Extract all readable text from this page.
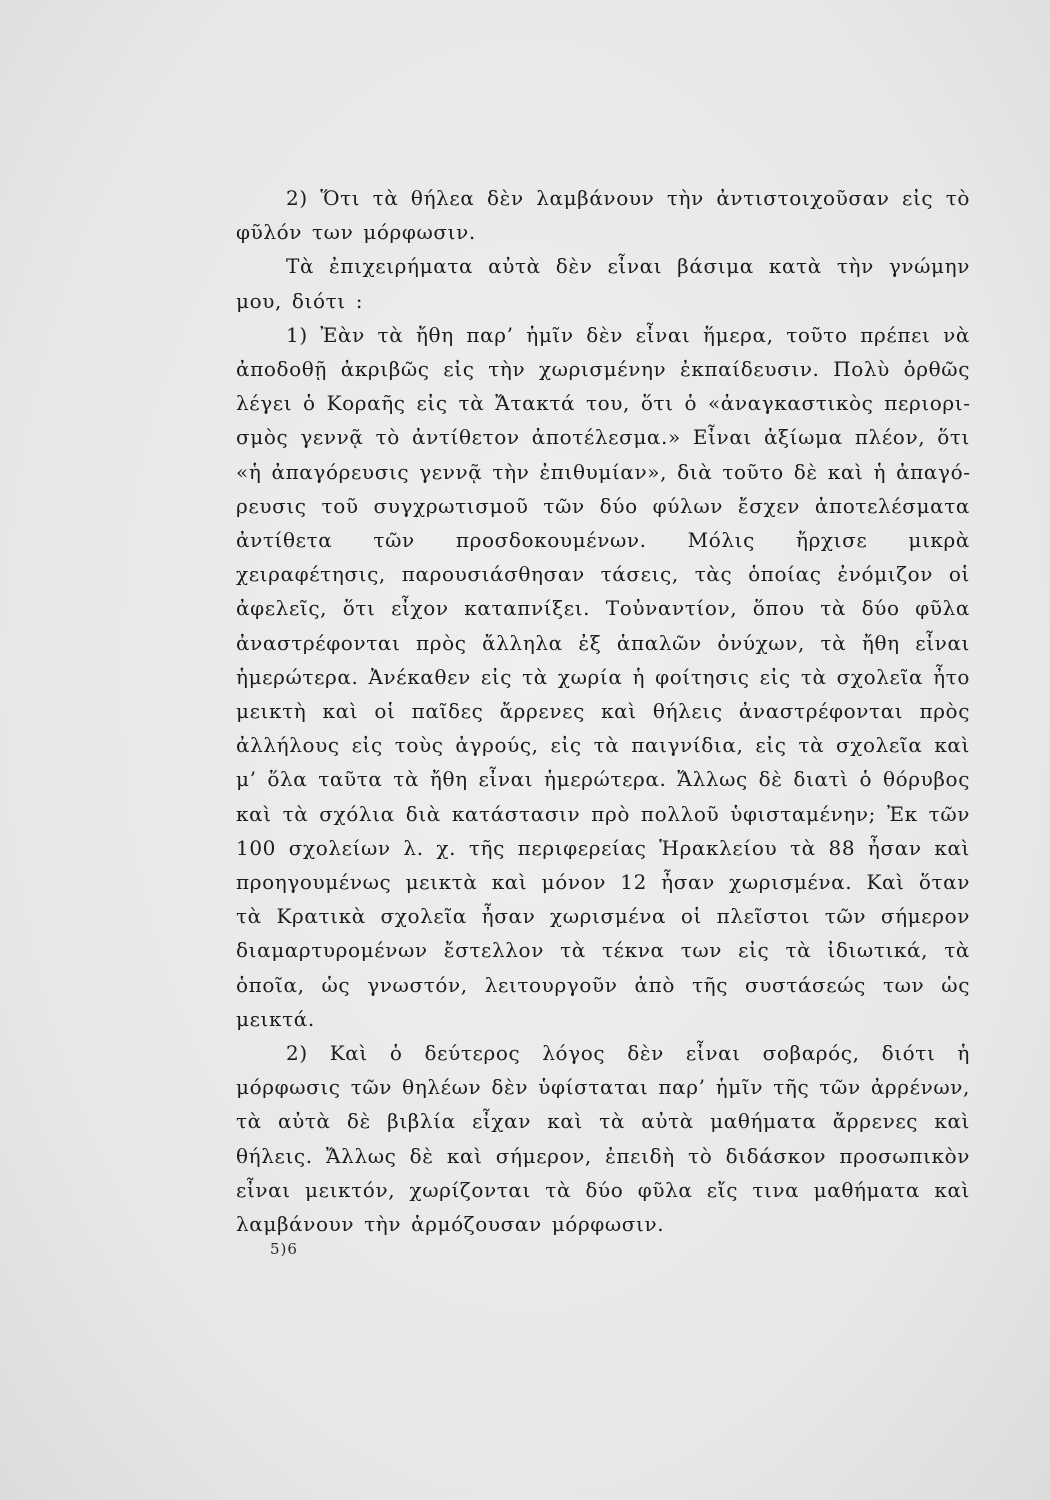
2) Ὅτι τὰ θήλεα δὲν λαμβάνουν τὴν ἀντιστοιχοῦσαν εἰς τὸ φῦλόν των μόρφωσιν.

Τὰ ἐπιχειρήματα αὐτὰ δὲν εἶναι βάσιμα κατὰ τὴν γνώμην μου, διότι :

1) Ἐὰν τὰ ἤθη παρ’ ἡμῖν δὲν εἶναι ἥμερα, τοῦτο πρέπει νὰ ἀποδοθῇ ἀκριβῶς εἰς τὴν χωρισμένην ἐκπαίδευσιν. Πολὺ ὀρθῶς λέγει ὁ Κοραῆς εἰς τὰ Ἄτακτά του, ὅτι ὁ «ἀναγκαστικὸς περιορισμὸς γεννᾷ τὸ ἀντίθετον ἀποτέλεσμα.» Εἶναι ἀξίωμα πλέον, ὅτι «ἡ ἀπαγόρευσις γεννᾷ τὴν ἐπιθυμίαν», διὰ τοῦτο δὲ καὶ ἡ ἀπαγόρευσις τοῦ συγχρωτισμοῦ τῶν δύο φύλων ἔσχεν ἀποτελέσματα ἀντίθετα τῶν προσδοκουμένων. Μόλις ἤρχισε μικρὰ χειραφέτησις, παρουσιάσθησαν τάσεις, τὰς ὁποίας ἐνόμιζον οἱ ἀφελεῖς, ὅτι εἶχον καταπνίξει. Τοὐναντίον, ὅπου τὰ δύο φῦλα ἀναστρέφονται πρὸς ἄλληλα ἐξ ἁπαλῶν ὀνύχων, τὰ ἤθη εἶναι ἡμερώτερα. Ἀνέκαθεν εἰς τὰ χωρία ἡ φοίτησις εἰς τὰ σχολεῖα ἦτο μεικτὴ καὶ οἱ παῖδες ἄρρενες καὶ θήλεις ἀναστρέφονται πρὸς ἀλλήλους εἰς τοὺς ἀγρούς, εἰς τὰ παιγνίδια, εἰς τὰ σχολεῖα καὶ μ’ ὅλα ταῦτα τὰ ἤθη εἶναι ἡμερώτερα. Ἄλλως δὲ διατὶ ὁ θόρυβος καὶ τὰ σχόλια διὰ κατάστασιν πρὸ πολλοῦ ὑφισταμένην; Ἐκ τῶν 100 σχολείων λ. χ. τῆς περιφερείας Ἡρακλείου τὰ 88 ἦσαν καὶ προηγουμένως μεικτὰ καὶ μόνον 12 ἦσαν χωρισμένα. Καὶ ὅταν τὰ Κρατικὰ σχολεῖα ἦσαν χωρισμένα οἱ πλεῖστοι τῶν σήμερον διαμαρτυρομένων ἔστελλον τὰ τέκνα των εἰς τὰ ἰδιωτικά, τὰ ὁποῖα, ὡς γνωστόν, λειτουργοῦν ἀπὸ τῆς συστάσεώς των ὡς μεικτά.

2) Καὶ ὁ δεύτερος λόγος δὲν εἶναι σοβαρός, διότι ἡ μόρφωσις τῶν θηλέων δὲν ὑφίσταται παρ’ ἡμῖν τῆς τῶν ἀρρένων, τὰ αὐτὰ δὲ βιβλία εἶχαν καὶ τὰ αὐτὰ μαθήματα ἄρρενες καὶ θήλεις. Ἄλλως δὲ καὶ σήμερον, ἐπειδὴ τὸ διδάσκον προσωπικὸν εἶναι μεικτόν, χωρίζονται τὰ δύο φῦλα εἴς τινα μαθήματα καὶ λαμβάνουν τὴν ἁρμόζουσαν μόρφωσιν.

5)6
